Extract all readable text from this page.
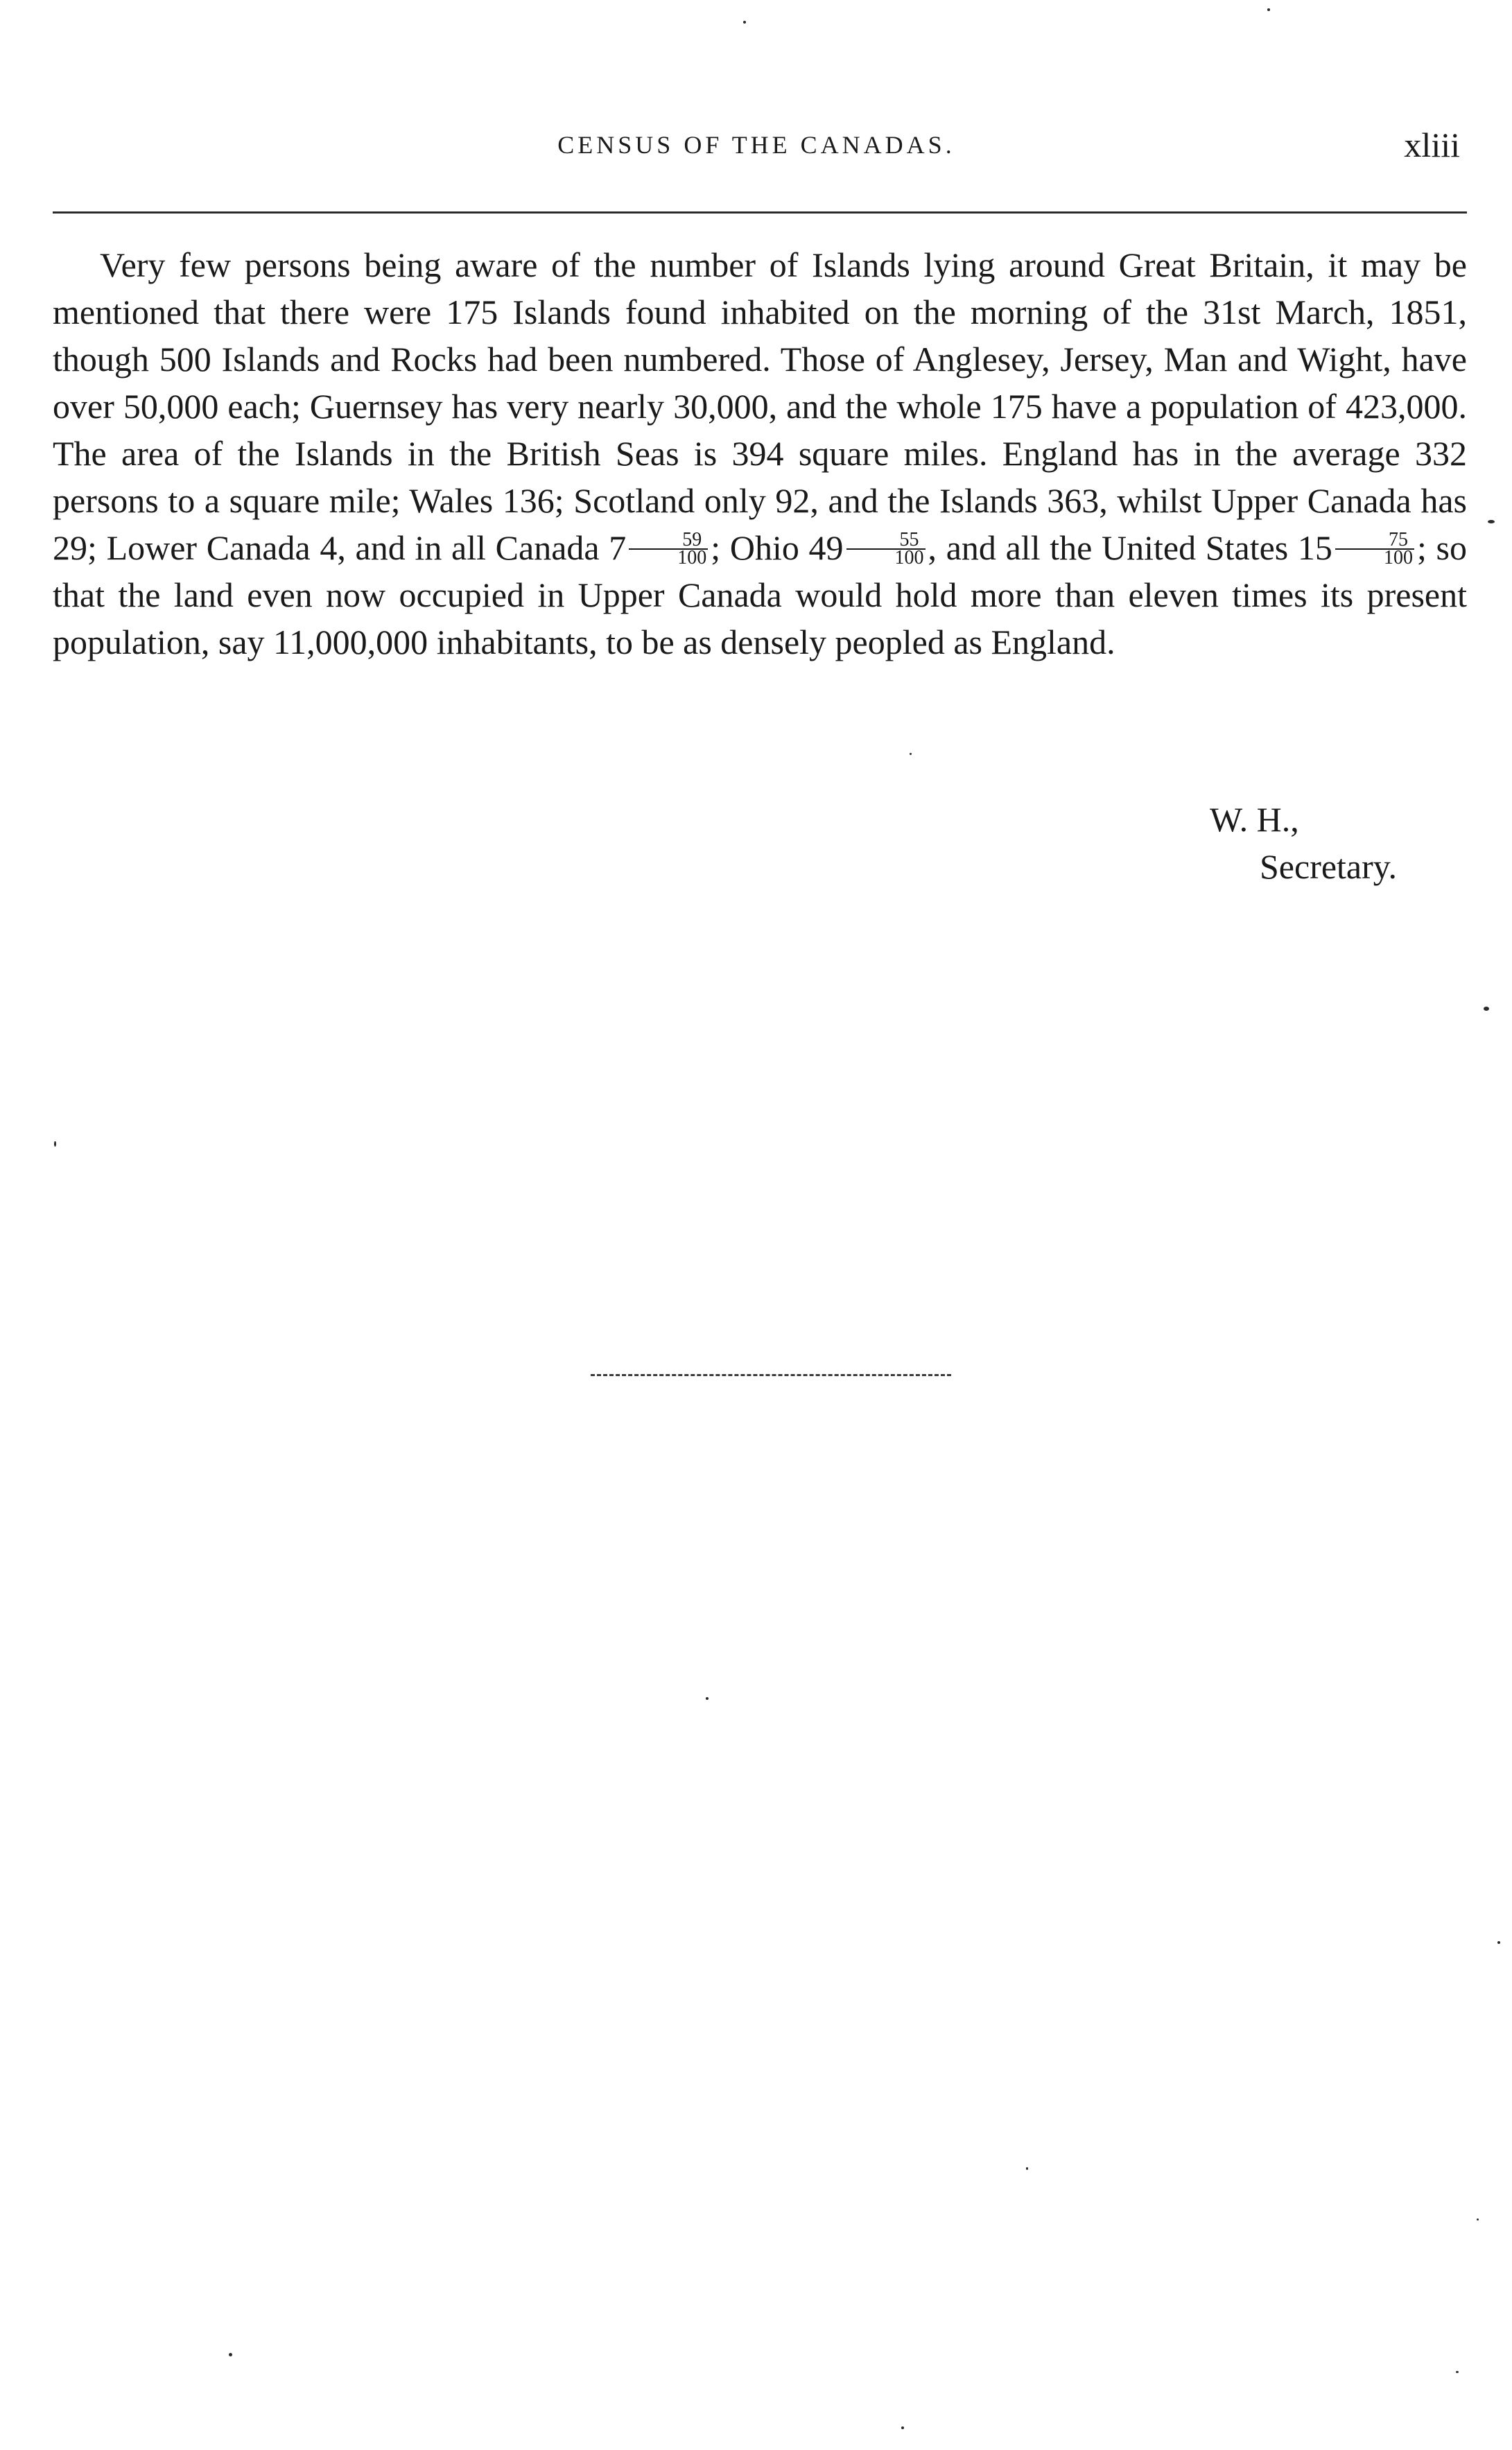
CENSUS OF THE CANADAS.	xliii

Very few persons being aware of the number of Islands lying around Great Britain, it may be mentioned that there were 175 Islands found inhabited on the morning of the 31st March, 1851, though 500 Islands and Rocks had been numbered. Those of Anglesey, Jersey, Man and Wight, have over 50,000 each; Guernsey has very nearly 30,000, and the whole 175 have a population of 423,000. The area of the Islands in the British Seas is 394 square miles. England has in the average 332 persons to a square mile; Wales 136; Scotland only 92, and the Islands 363, whilst Upper Canada has 29; Lower Canada 4, and in all Canada $7 \frac{59}{100}$ ; Ohio $49 \frac{55}{100}$ , and all the United States $15 \frac{75}{100}$ ; so that the land even now occupied in Upper Canada would hold more than eleven times its present population, say 11,000,000 inhabitants, to be as densely peopled as England.

W. H.,
Secretary.
